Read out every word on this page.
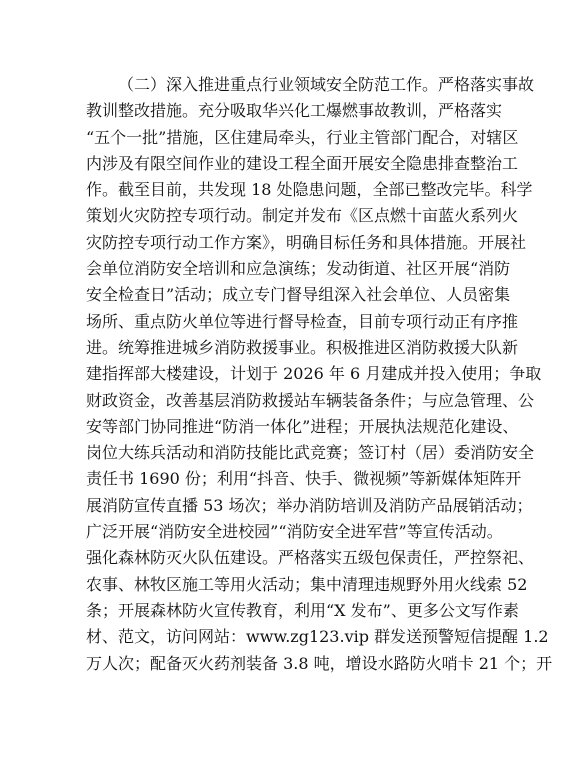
（二）深入推进重点行业领域安全防范工作。严格落实事故
教训整改措施。充分吸取华兴化工爆燃事故教训，严格落实
“五个一批”措施，区住建局牵头，行业主管部门配合，对辖区
内涉及有限空间作业的建设工程全面开展安全隐患排查整治工
作。截至目前，共发现 18 处隐患问题，全部已整改完毕。科学
策划火灾防控专项行动。制定并发布《区点燃十亩蓝火系列火
灾防控专项行动工作方案》，明确目标任务和具体措施。开展社
会单位消防安全培训和应急演练；发动街道、社区开展“消防
安全检查日”活动；成立专门督导组深入社会单位、人员密集
场所、重点防火单位等进行督导检查，目前专项行动正有序推
进。统筹推进城乡消防救援事业。积极推进区消防救援大队新
建指挥部大楼建设，计划于 2026 年 6 月建成并投入使用；争取
财政资金，改善基层消防救援站车辆装备条件；与应急管理、公
安等部门协同推进“防消一体化”进程；开展执法规范化建设、
岗位大练兵活动和消防技能比武竞赛；签订村（居）委消防安全
责任书 1690 份；利用“抖音、快手、微视频”等新媒体矩阵开
展消防宣传直播 53 场次；举办消防培训及消防产品展销活动；
广泛开展“消防安全进校园”“消防安全进军营”等宣传活动。
强化森林防灭火队伍建设。严格落实五级包保责任，严控祭祀、
农事、林牧区施工等用火活动；集中清理违规野外用火线索 52
条；开展森林防火宣传教育，利用“X 发布”、更多公文写作素
材、范文，访问网站：www.zg123.vip 群发送预警短信提醒 1.2
万人次；配备灭火药剂装备 3.8 吨，增设水路防火哨卡 21 个；开
